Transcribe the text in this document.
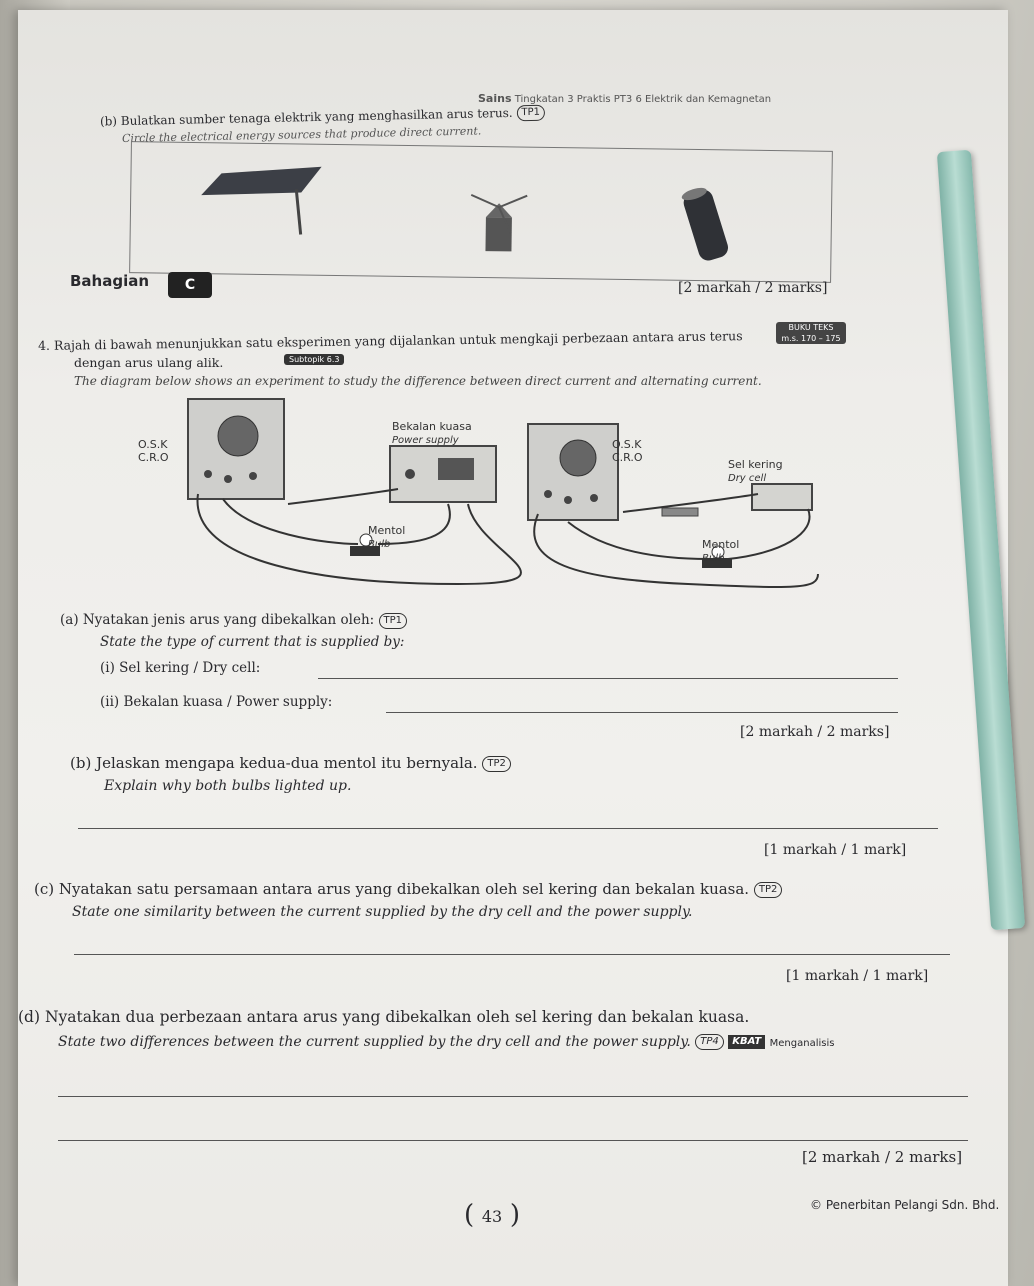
Sains Tingkatan 3 Praktis PT3 6 Elektrik dan Kemagnetan
(b) Bulatkan sumber tenaga elektrik yang menghasilkan arus terus. TP1
Circle the electrical energy sources that produce direct current.
Bahagian	C	[2 markah / 2 marks]
4. Rajah di bawah menunjukkan satu eksperimen yang dijalankan untuk mengkaji perbezaan antara arus terus
dengan arus ulang alik.	Subtopik 6.3
BUKU TEKS
m.s. 170 – 175
The diagram below shows an experiment to study the difference between direct current and alternating current.
O.S.K
C.R.O
Bekalan kuasa
Power supply
Mentol
Bulb
O.S.K
C.R.O
Sel kering
Dry cell
Mentol
Bulb
(a) Nyatakan jenis arus yang dibekalkan oleh: TP1
State the type of current that is supplied by:
(i) Sel kering / Dry cell:
(ii) Bekalan kuasa / Power supply:
[2 markah / 2 marks]
(b) Jelaskan mengapa kedua-dua mentol itu bernyala. TP2
Explain why both bulbs lighted up.
[1 markah / 1 mark]
(c) Nyatakan satu persamaan antara arus yang dibekalkan oleh sel kering dan bekalan kuasa. TP2
State one similarity between the current supplied by the dry cell and the power supply.
[1 markah / 1 mark]
(d) Nyatakan dua perbezaan antara arus yang dibekalkan oleh sel kering dan bekalan kuasa.
State two differences between the current supplied by the dry cell and the power supply. TP4 KBAT Menganalisis
[2 markah / 2 marks]
( 43 )
© Penerbitan Pelangi Sdn. Bhd.
